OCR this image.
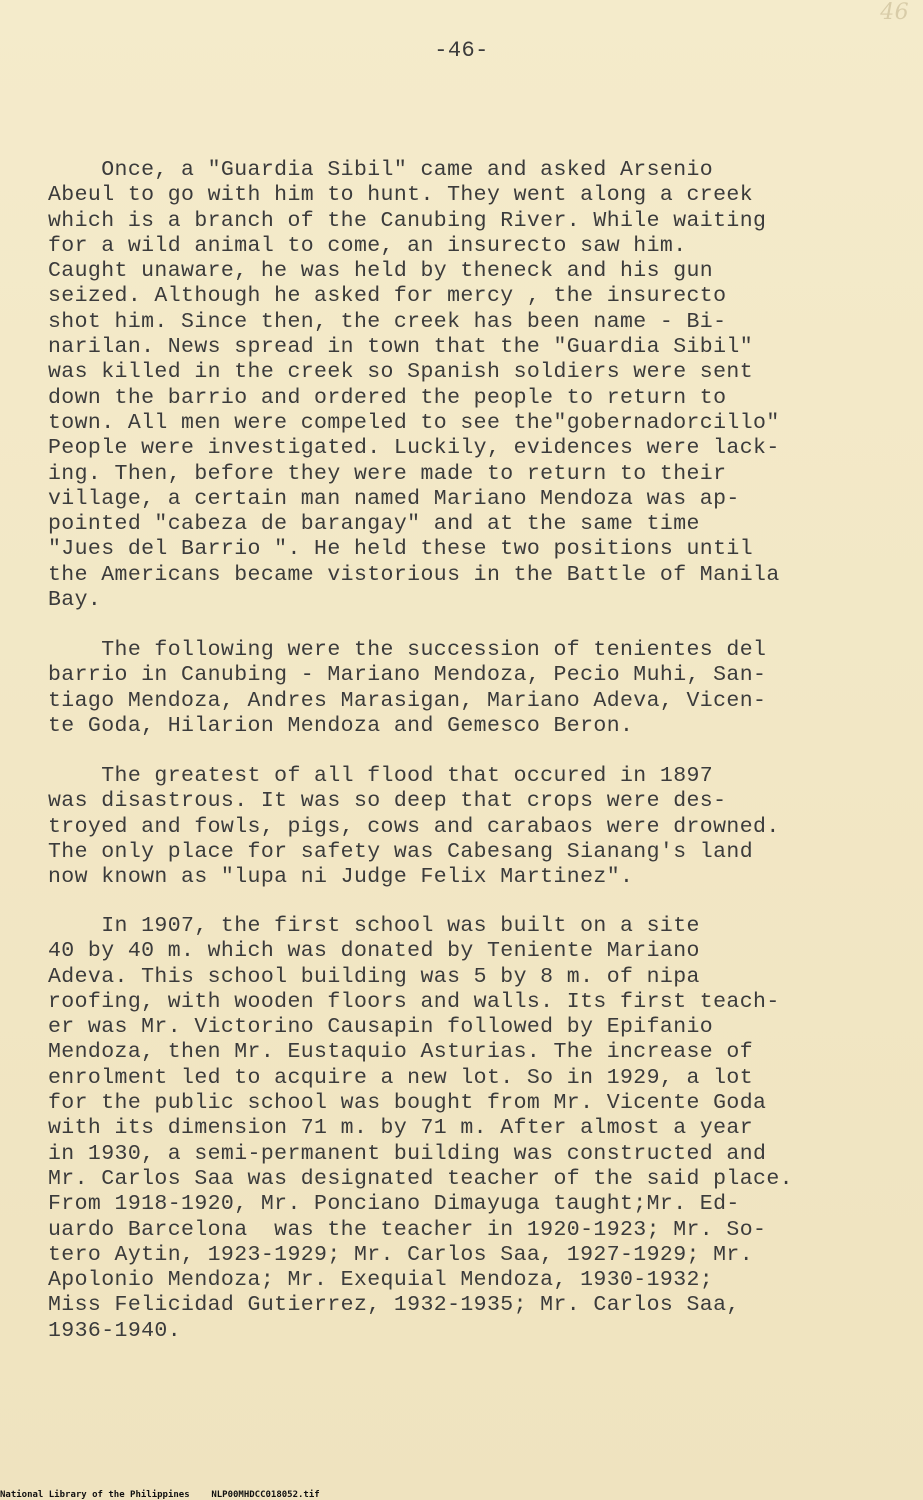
46
-46-
Once, a "Guardia Sibil" came and asked Arsenio
Abeul to go with him to hunt. They went along a creek
which is a branch of the Canubing River. While waiting
for a wild animal to come, an insurecto saw him.
Caught unaware, he was held by theneck and his gun
seized. Although he asked for mercy , the insurecto
shot him. Since then, the creek has been name - Bi-
narilan. News spread in town that the "Guardia Sibil"
was killed in the creek so Spanish soldiers were sent
down the barrio and ordered the people to return to
town. All men were compeled to see the"gobernadorcillo"
People were investigated. Luckily, evidences were lack-
ing. Then, before they were made to return to their
village, a certain man named Mariano Mendoza was ap-
pointed "cabeza de barangay" and at the same time
"Jues del Barrio ". He held these two positions until
the Americans became vistorious in the Battle of Manila
Bay.
The following were the succession of tenientes del
barrio in Canubing - Mariano Mendoza, Pecio Muhi, San-
tiago Mendoza, Andres Marasigan, Mariano Adeva, Vicen-
te Goda, Hilarion Mendoza and Gemesco Beron.
The greatest of all flood that occured in 1897
was disastrous. It was so deep that crops were des-
troyed and fowls, pigs, cows and carabaos were drowned.
The only place for safety was Cabesang Sianang's land
now known as "lupa ni Judge Felix Martinez".
In 1907, the first school was built on a site
40 by 40 m. which was donated by Teniente Mariano
Adeva. This school building was 5 by 8 m. of nipa
roofing, with wooden floors and walls. Its first teach-
er was Mr. Victorino Causapin followed by Epifanio
Mendoza, then Mr. Eustaquio Asturias. The increase of
enrolment led to acquire a new lot. So in 1929, a lot
for the public school was bought from Mr. Vicente Goda
with its dimension 71 m. by 71 m. After almost a year
in 1930, a semi-permanent building was constructed and
Mr. Carlos Saa was designated teacher of the said place.
From 1918-1920, Mr. Ponciano Dimayuga taught;Mr. Ed-
uardo Barcelona  was the teacher in 1920-1923; Mr. So-
tero Aytin, 1923-1929; Mr. Carlos Saa, 1927-1929; Mr.
Apolonio Mendoza; Mr. Exequial Mendoza, 1930-1932;
Miss Felicidad Gutierrez, 1932-1935; Mr. Carlos Saa,
1936-1940.
National Library of the Philippines    NLP00MHDCC018052.tif
